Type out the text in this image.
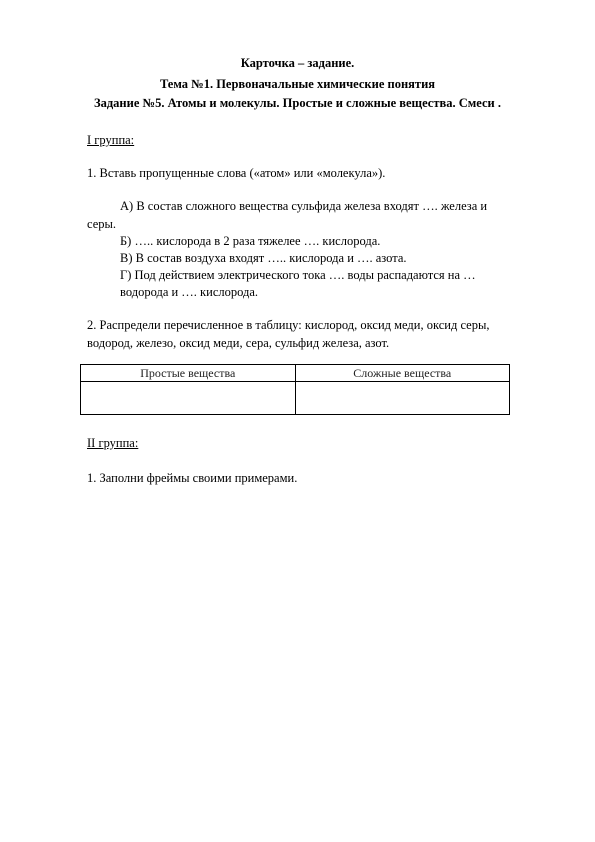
Карточка – задание.
Тема №1. Первоначальные химические понятия
Задание №5. Атомы и молекулы. Простые и сложные вещества. Смеси .
I группа:
1. Вставь пропущенные слова («атом» или «молекула»).
А) В состав сложного вещества сульфида железа входят …. железа и
серы.
Б) ….. кислорода в 2 раза тяжелее …. кислорода.
В) В состав воздуха входят ….. кислорода и …. азота.
Г) Под действием электрического тока …. воды распадаются на …
водорода и …. кислорода.
2. Распредели перечисленное в таблицу: кислород, оксид меди, оксид серы,
водород, железо, оксид меди, сера, сульфид железа, азот.
Простые вещества	Сложные вещества

II группа:
1. Заполни фреймы своими примерами.
